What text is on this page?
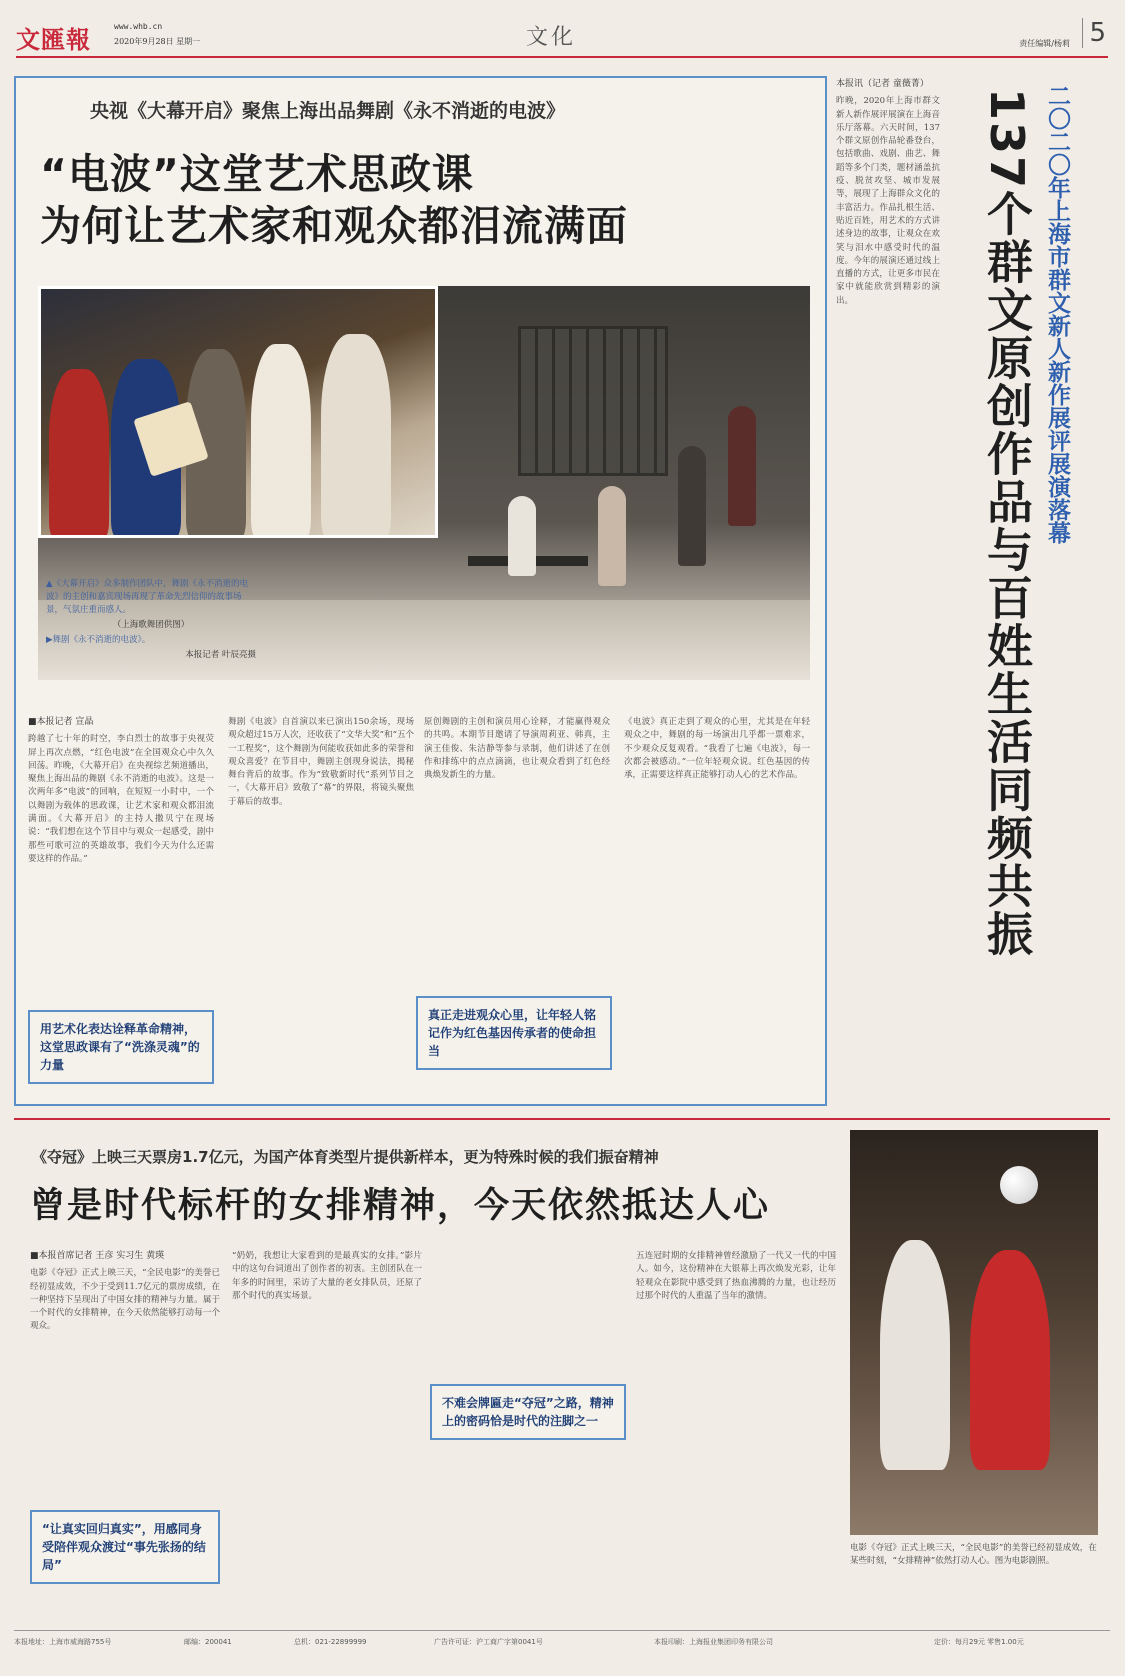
文匯報	www.whb.cn
2020年9月28日 星期一	文化	责任编辑/杨莉 5
央视《大幕开启》聚焦上海出品舞剧《永不消逝的电波》
“电波”这堂艺术思政课
为何让艺术家和观众都泪流满面
▲《大幕开启》众多制作团队中，舞剧《永不消逝的电波》的主创和嘉宾现场再现了革命先烈信仰的故事场景，气氛庄重而感人。
（上海歌舞团供图）
▶舞剧《永不消逝的电波》。
本报记者 叶辰亮摄
■本报记者 宣晶
跨越了七十年的时空，李白烈士的故事于央视荧屏上再次点燃，“红色电波”在全国观众心中久久回荡。昨晚，《大幕开启》在央视综艺频道播出，聚焦上海出品的舞剧《永不消逝的电波》。这是一次两年多“电波”的回响，在短短一小时中，一个以舞剧为载体的思政课，让艺术家和观众都泪流满面。《大幕开启》的主持人撒贝宁在现场说：“我们想在这个节目中与观众一起感受，剧中那些可歌可泣的英雄故事，我们今天为什么还需要这样的作品。”
用艺术化表达诠释革命精神，这堂思政课有了“洗涤灵魂”的力量
舞剧《电波》自首演以来已演出150余场，现场观众超过15万人次，还收获了“文华大奖”和“五个一工程奖”，这个舞剧为何能收获如此多的荣誉和观众喜爱？在节目中，舞剧主创现身说法，揭秘舞台背后的故事。作为“致敬新时代”系列节目之一，《大幕开启》致敬了“幕”的界限，将镜头聚焦于幕后的故事。
原创舞剧的主创和演员用心诠释，才能赢得观众的共鸣。本期节目邀请了导演周莉亚、韩真，主演王佳俊、朱洁静等参与录制，他们讲述了在创作和排练中的点点滴滴，也让观众看到了红色经典焕发新生的力量。
真正走进观众心里，让年轻人铭记作为红色基因传承者的使命担当
《电波》真正走到了观众的心里，尤其是在年轻观众之中，舞剧的每一场演出几乎都一票难求，不少观众反复观看。“我看了七遍《电波》，每一次都会被感动。”一位年轻观众说。红色基因的传承，正需要这样真正能够打动人心的艺术作品。
本报讯（记者 童薇菁）
昨晚，2020年上海市群文新人新作展评展演在上海音乐厅落幕。六天时间，137个群文原创作品轮番登台，包括歌曲、戏剧、曲艺、舞蹈等多个门类，题材涵盖抗疫、脱贫攻坚、城市发展等，展现了上海群众文化的丰富活力。作品扎根生活、贴近百姓，用艺术的方式讲述身边的故事，让观众在欢笑与泪水中感受时代的温度。今年的展演还通过线上直播的方式，让更多市民在家中就能欣赏到精彩的演出。	二〇二〇年上海市群文新人新作展评展演落幕
137个群文原创作品与百姓生活同频共振
《夺冠》上映三天票房1.7亿元，为国产体育类型片提供新样本，更为特殊时候的我们振奋精神
曾是时代标杆的女排精神，今天依然抵达人心
■本报首席记者 王彦 实习生 黄瑛
电影《夺冠》正式上映三天，“全民电影”的美誉已经初显成效，不少于受到11.7亿元的票房成绩，在一种坚持下呈现出了中国女排的精神与力量。属于一个时代的女排精神，在今天依然能够打动每一个观众。
“让真实回归真实”，用感同身受陪伴观众渡过“事先张扬的结局”
“奶奶，我想让大家看到的是最真实的女排。”影片中的这句台词道出了创作者的初衷。主创团队在一年多的时间里，采访了大量的老女排队员，还原了那个时代的真实场景。
不难会牌匾走“夺冠”之路，精神上的密码恰是时代的注脚之一
五连冠时期的女排精神曾经激励了一代又一代的中国人。如今，这份精神在大银幕上再次焕发光彩，让年轻观众在影院中感受到了热血沸腾的力量，也让经历过那个时代的人重温了当年的激情。
电影《夺冠》正式上映三天，“全民电影”的美誉已经初显成效，在某些时刻，“女排精神”依然打动人心。图为电影剧照。
本报地址：上海市威海路755号	邮编：200041	总机：021-22899999	广告许可证：沪工商广字第0041号	本报印刷：上海报业集团印务有限公司	定价：每月29元 零售1.00元
